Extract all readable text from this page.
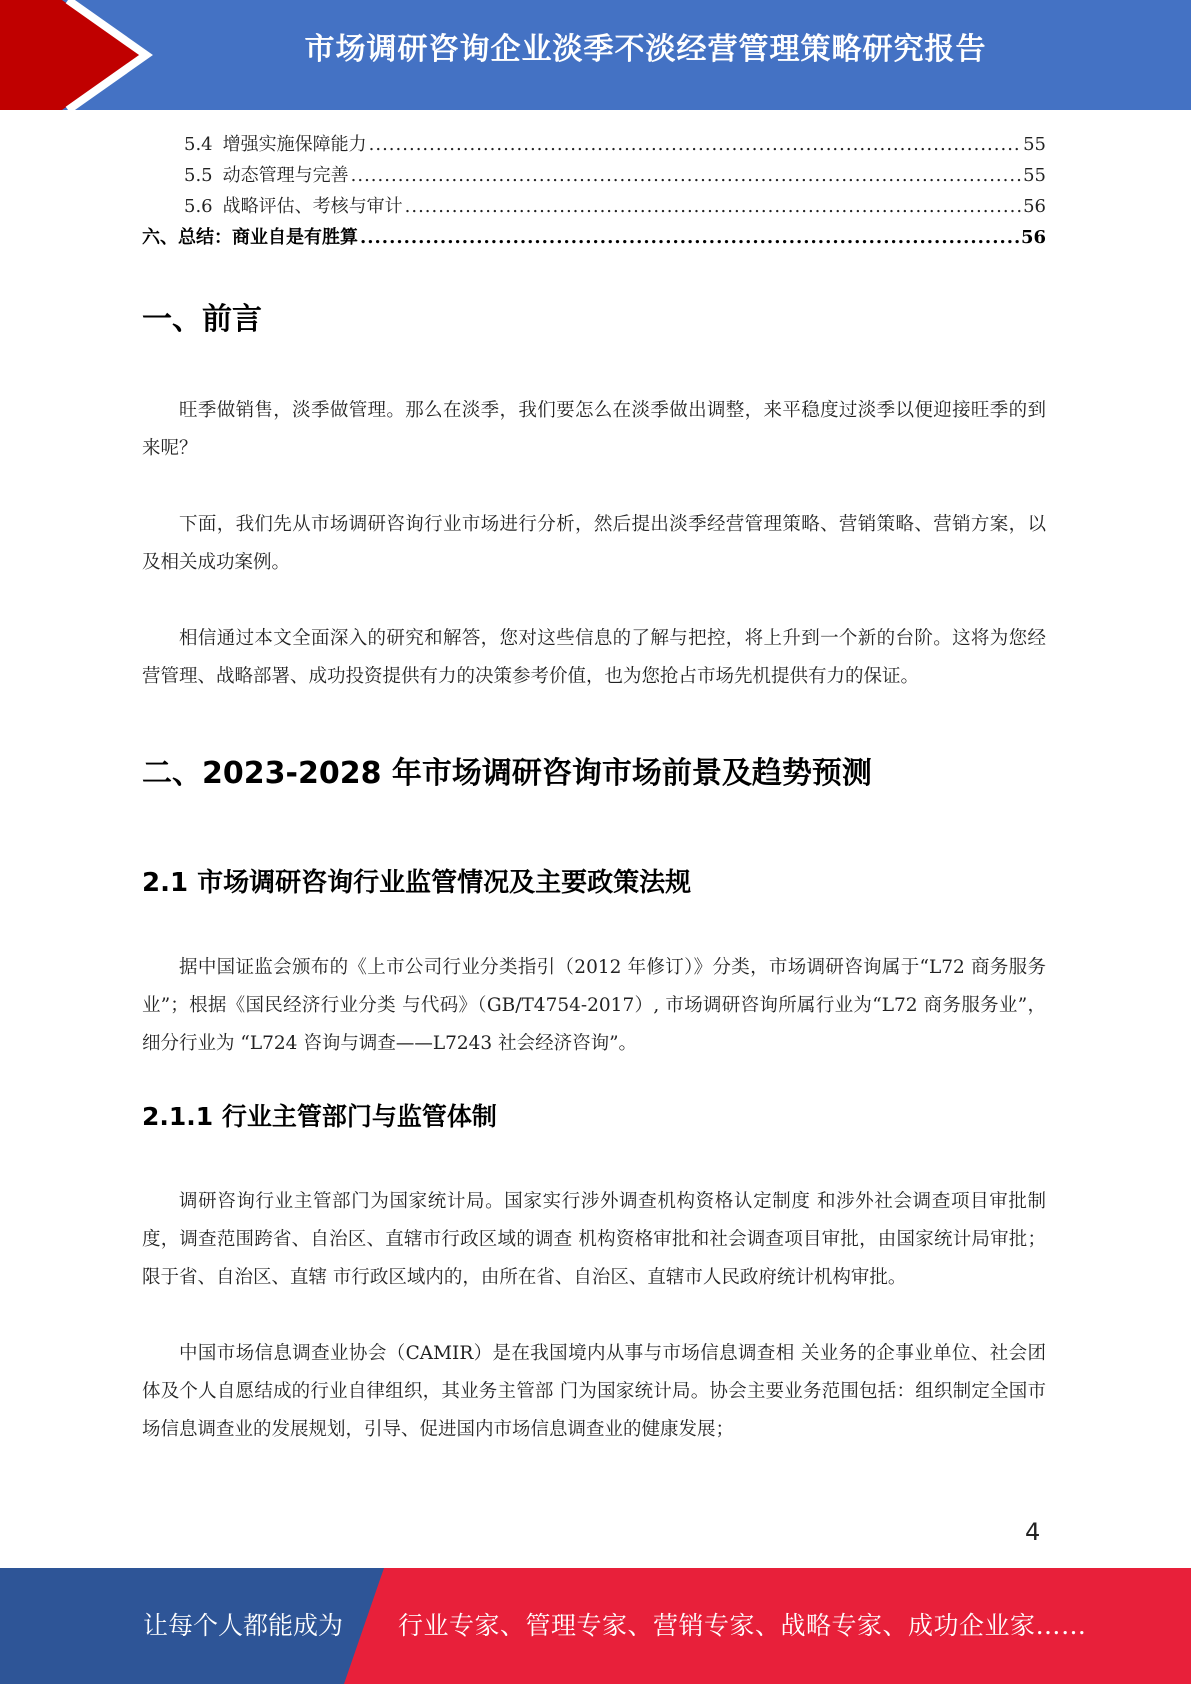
市场调研咨询企业淡季不淡经营管理策略研究报告
5.4 增强实施保障能力 .....	55
5.5 动态管理与完善 .....	55
5.6 战略评估、考核与审计 .....	56
六、总结：商业自是有胜算 .....	56
一、前言

旺季做销售，淡季做管理。那么在淡季，我们要怎么在淡季做出调整，来平稳度过淡季以便迎接旺季的到来呢？

下面，我们先从市场调研咨询行业市场进行分析，然后提出淡季经营管理策略、营销策略、营销方案，以及相关成功案例。

相信通过本文全面深入的研究和解答，您对这些信息的了解与把控，将上升到一个新的台阶。这将为您经营管理、战略部署、成功投资提供有力的决策参考价值，也为您抢占市场先机提供有力的保证。

二、2023-2028 年市场调研咨询市场前景及趋势预测
2.1 市场调研咨询行业监管情况及主要政策法规

据中国证监会颁布的《上市公司行业分类指引（2012 年修订）》分类，市场调研咨询属于“L72 商务服务业”；根据《国民经济行业分类 与代码》（GB/T4754-2017）, 市场调研咨询所属行业为“L72 商务服务业”，细分行业为 “L724 咨询与调查——L7243 社会经济咨询”。

2.1.1 行业主管部门与监管体制

调研咨询行业主管部门为国家统计局。国家实行涉外调查机构资格认定制度 和涉外社会调查项目审批制度，调查范围跨省、自治区、直辖市行政区域的调查 机构资格审批和社会调查项目审批，由国家统计局审批；限于省、自治区、直辖 市行政区域内的，由所在省、自治区、直辖市人民政府统计机构审批。

中国市场信息调查业协会（CAMIR）是在我国境内从事与市场信息调查相 关业务的企事业单位、社会团体及个人自愿结成的行业自律组织，其业务主管部 门为国家统计局。协会主要业务范围包括：组织制定全国市场信息调查业的发展规划，引导、促进国内市场信息调查业的健康发展；

4
让每个人都能成为 行业专家、管理专家、营销专家、战略专家、成功企业家……
